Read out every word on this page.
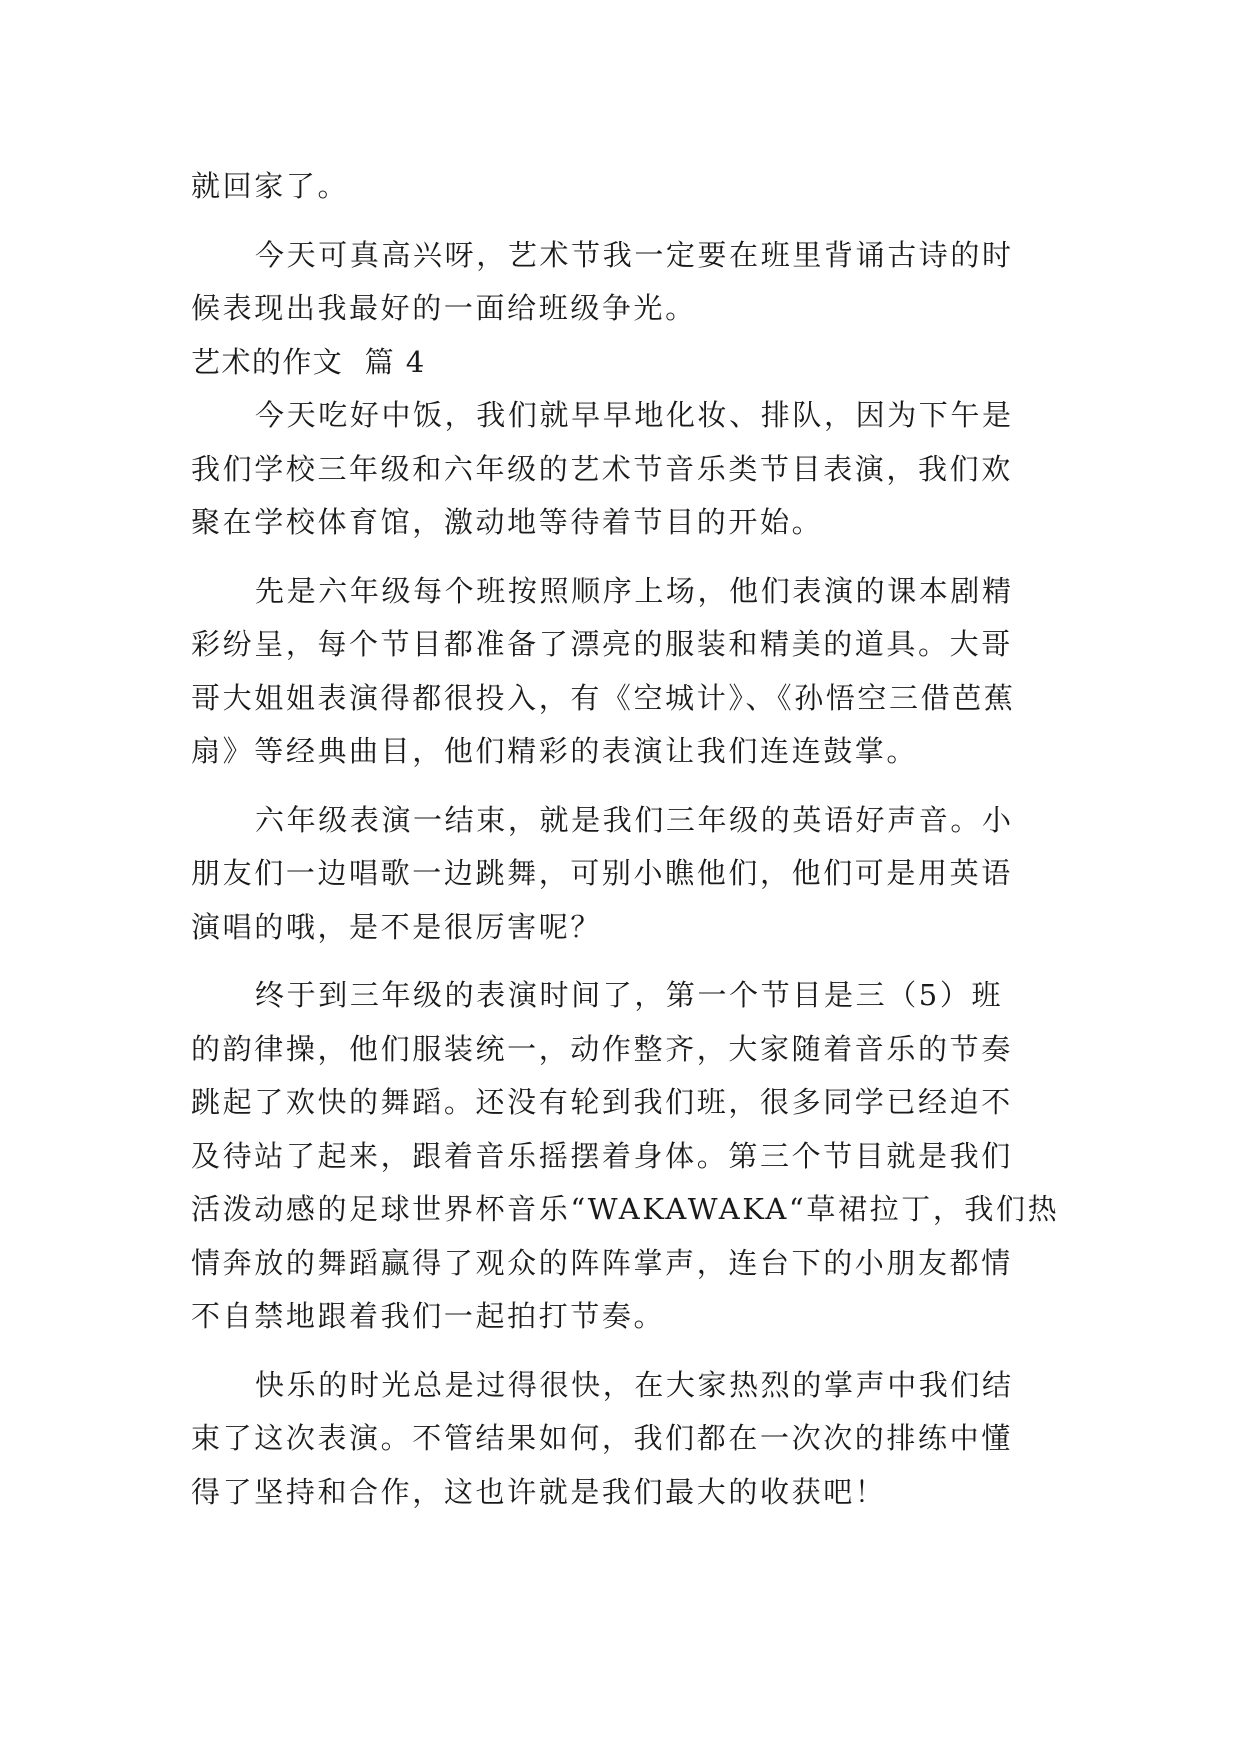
就回家了。
今天可真高兴呀，艺术节我一定要在班里背诵古诗的时
候表现出我最好的一面给班级争光。
艺术的作文  篇 4
今天吃好中饭，我们就早早地化妆、排队，因为下午是
我们学校三年级和六年级的艺术节音乐类节目表演，我们欢
聚在学校体育馆，激动地等待着节目的开始。
先是六年级每个班按照顺序上场，他们表演的课本剧精
彩纷呈，每个节目都准备了漂亮的服装和精美的道具。大哥
哥大姐姐表演得都很投入，有《空城计》、《孙悟空三借芭蕉
扇》等经典曲目，他们精彩的表演让我们连连鼓掌。
六年级表演一结束，就是我们三年级的英语好声音。小
朋友们一边唱歌一边跳舞，可别小瞧他们，他们可是用英语
演唱的哦，是不是很厉害呢？
终于到三年级的表演时间了，第一个节目是三（5）班
的韵律操，他们服装统一，动作整齐，大家随着音乐的节奏
跳起了欢快的舞蹈。还没有轮到我们班，很多同学已经迫不
及待站了起来，跟着音乐摇摆着身体。第三个节目就是我们
活泼动感的足球世界杯音乐“WAKAWAKA“草裙拉丁，我们热
情奔放的舞蹈赢得了观众的阵阵掌声，连台下的小朋友都情
不自禁地跟着我们一起拍打节奏。
快乐的时光总是过得很快，在大家热烈的掌声中我们结
束了这次表演。不管结果如何，我们都在一次次的排练中懂
得了坚持和合作，这也许就是我们最大的收获吧！
